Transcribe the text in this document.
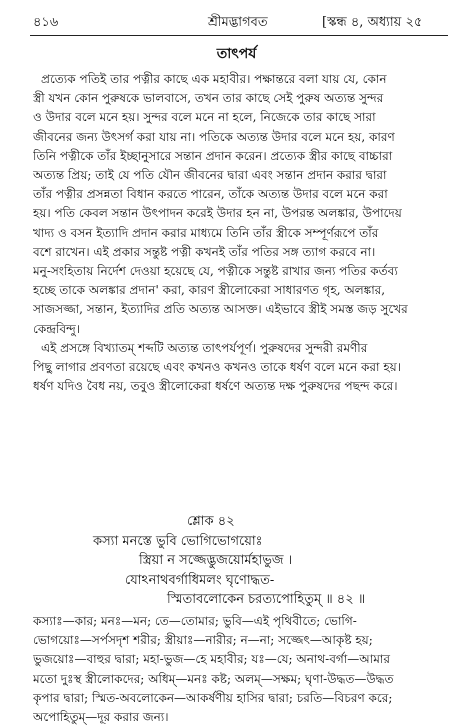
৪১৬	শ্রীমদ্ভাগবত	[স্কন্ধ ৪, অধ্যায় ২৫
তাৎপর্য
প্রত্যেক পতিই তার পত্নীর কাছে এক মহাবীর। পক্ষান্তরে বলা যায় যে, কোন
স্ত্রী যখন কোন পুরুষকে ভালবাসে, তখন তার কাছে সেই পুরুষ অত্যন্ত সুন্দর
ও উদার বলে মনে হয়। সুন্দর বলে মনে না হলে, নিজেকে তার কাছে সারা
জীবনের জন্য উৎসর্গ করা যায় না। পতিকে অত্যন্ত উদার বলে মনে হয়, কারণ
তিনি পত্নীকে তাঁর ইচ্ছানুসারে সন্তান প্রদান করেন। প্রত্যেক স্ত্রীর কাছে বাচ্চারা
অত্যন্ত প্রিয়; তাই যে পতি যৌন জীবনের দ্বারা এবং সন্তান প্রদান করার দ্বারা
তাঁর পত্নীর প্রসন্নতা বিধান করতে পারেন, তাঁকে অত্যন্ত উদার বলে মনে করা
হয়। পতি কেবল সন্তান উৎপাদন করেই উদার হন না, উপরন্ত অলঙ্কার, উপাদেয়
খাদ্য ও বসন ইত্যাদি প্রদান করার মাধ্যমে তিনি তাঁর স্ত্রীকে সম্পূর্ণরূপে তাঁর
বশে রাখেন। এই প্রকার সন্তুষ্ট পত্নী কখনই তাঁর পতির সঙ্গ ত্যাগ করবে না।
মনু-সংহিতায় নির্দেশ দেওয়া হয়েছে যে, পত্নীকে সন্তুষ্ট রাখার জন্য পতির কর্তব্য
হচ্ছে তাকে অলঙ্কার প্রদান' করা, কারণ স্ত্রীলোকেরা সাধারণত গৃহ, অলঙ্কার,
সাজসজ্জা, সন্তান, ইত্যাদির প্রতি অত্যন্ত আসক্ত। এইভাবে স্ত্রীই সমস্ত জড় সুখের
কেন্দ্রবিন্দু।
এই প্রসঙ্গে বিখ্যাতম্ শব্দটি অত্যন্ত তাৎপর্যপূর্ণ। পুরুষদের সুন্দরী রমণীর
পিছু লাগার প্রবণতা রয়েছে এবং কখনও কখনও তাকে ধর্ষণ বলে মনে করা হয়।
ধর্ষণ যদিও বৈধ নয়, তবুও স্ত্রীলোকেরা ধর্ষণে অত্যন্ত দক্ষ পুরুষদের পছন্দ করে।
শ্লোক ৪২
কস্যা মনস্তে ভুবি ভোগিভোগয়োঃ
স্ত্রিয়া ন সজ্জেদ্ভুজয়োর্মহাভুজ ।
যোঽনাথবর্গাধিমলং ঘৃণোদ্ধত-
স্মিতাবলোকেন চরত্যপোহিতুম্ ॥ ৪২ ॥
কস্যাঃ—কার; মনঃ—মন; তে—তোমার; ভুবি—এই পৃথিবীতে; ভোগি-
ভোগয়োঃ—সর্পসদৃশ শরীর; স্ত্রীয়াঃ—নারীর; ন—না; সজ্জেৎ—আকৃষ্ট হয়;
ভুজয়োঃ—বাহুর দ্বারা; মহা-ভুজ—হে মহাবীর; যঃ—যে; অনাথ-বর্গা—আমার
মতো দুঃস্থ স্ত্রীলোকদের; অধিম্—মনঃ কষ্ট; অলম্—সক্ষম; ঘৃণা-উদ্ধত—উদ্ধত
কৃপার দ্বারা; স্মিত-অবলোকেন—আকর্ষণীয় হাসির দ্বারা; চরতি—বিচরণ করে;
অপোহিতুম্—দূর করার জন্য।
